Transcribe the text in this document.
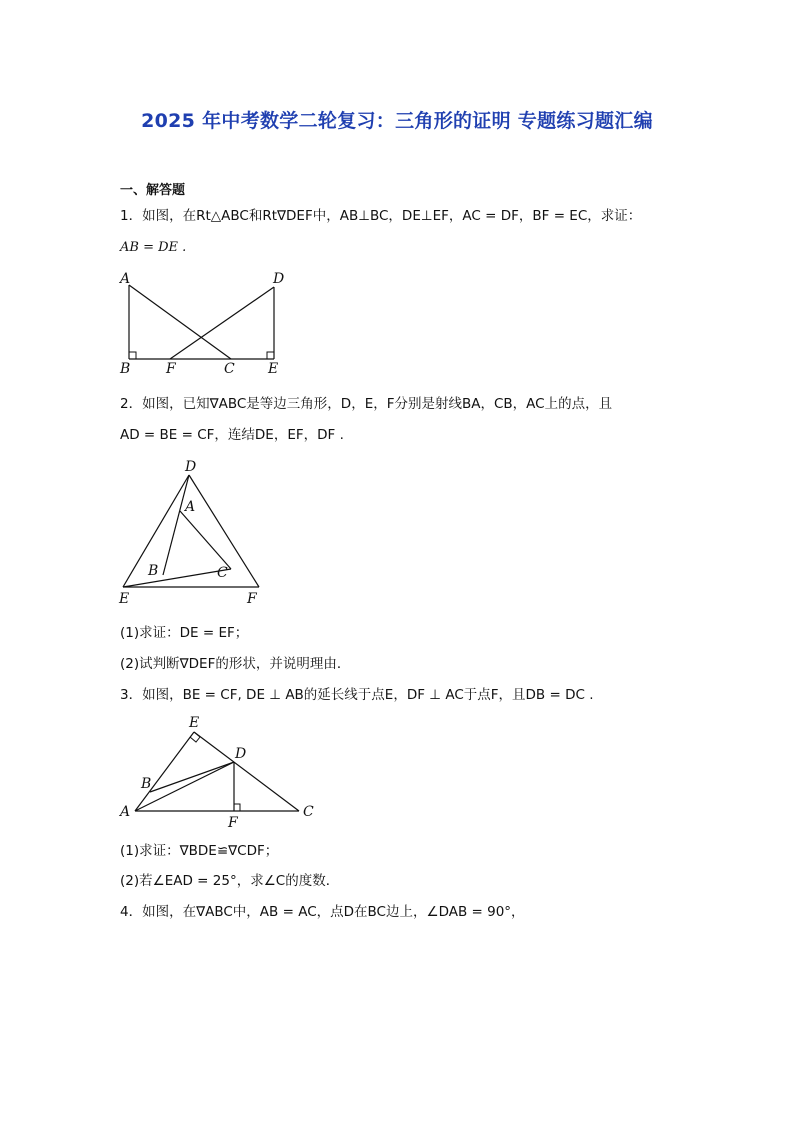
2025 年中考数学二轮复习：三角形的证明 专题练习题汇编
一、解答题
1．如图，在Rt△ABC和Rt∇DEF中，AB⊥BC，DE⊥EF，AC = DF，BF = EC，求证：
AB = DE .
A
B	F	C
D
E
2．如图，已知∇ABC是等边三角形，D，E，F分别是射线BA，CB，AC上的点，且
AD = BE = CF，连结DE，EF，DF .
D
A
B	C
E	F
(1)求证：DE = EF；
(2)试判断∇DEF的形状，并说明理由．
3．如图，BE = CF, DE ⊥ AB的延长线于点E，DF ⊥ AC于点F，且DB = DC .
E
D
B
A
F
C
(1)求证：∇BDE≌∇CDF；
(2)若∠EAD = 25°，求∠C的度数．
4．如图，在∇ABC中，AB = AC，点D在BC边上，∠DAB = 90°，
